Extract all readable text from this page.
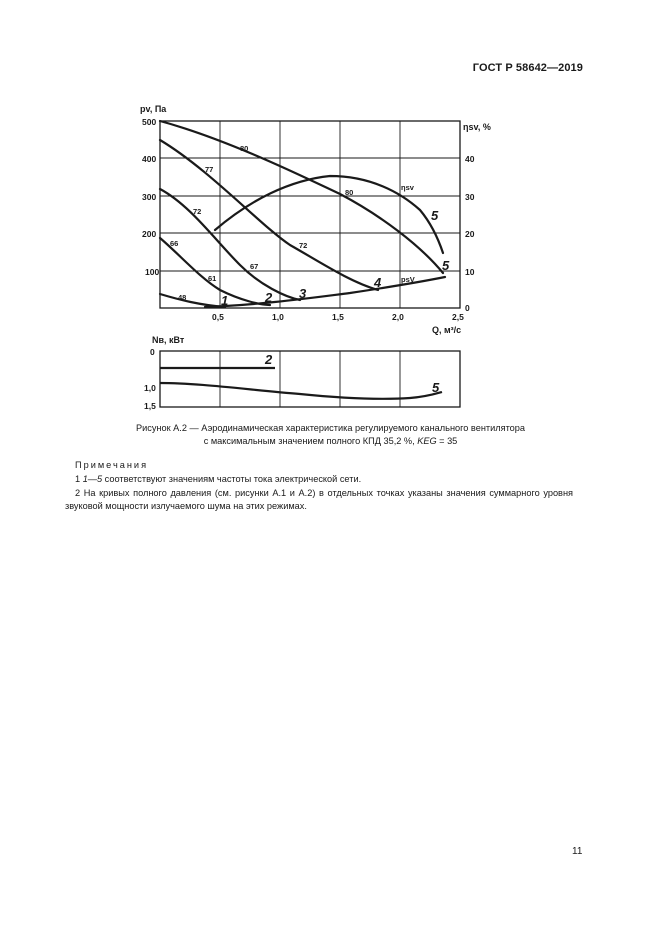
ГОСТ Р 58642—2019
500
400
300
200
100
40
30
20
10
0
0,5	1,0	1,5	2,0	2,5
pv, Па
ηsv, %
Q, м³/с
80
77
72
66
48
61
67
72
80
1	2 3
4
5
5
psV
ηsv
Nв, кВт
0
1,0
1,5
2
5
Рисунок А.2 — Аэродинамическая характеристика регулируемого канального вентилятора
с максимальным значением полного КПД 35,2 %, KEG = 35
Примечания
1 1—5 соответствуют значениям частоты тока электрической сети.
2 На кривых полного давления (см. рисунки А.1 и А.2) в отдельных точках указаны значения суммарного уровня звуковой мощности излучаемого шума на этих режимах.
11
